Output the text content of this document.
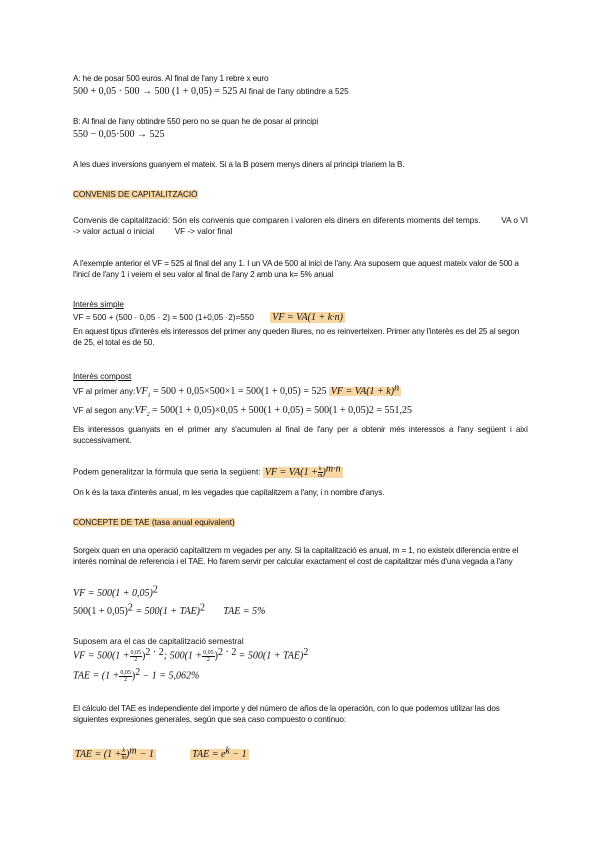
A: he de posar 500 euros. Al final de l'any 1 rebre x euro
500 + 0,05 · 500 → 500 (1 + 0,05) = 525 Al final de l'any obtindre a 525
B: Al final de l'any obtindre 550 pero no se quan he de posar al principi
550 − 0,05·500 → 525
A les dues inversions guanyem el mateix. Si a la B posem menys diners al principi triariem la B.
CONVENIS DE CAPITALITZACIÓ
Convenis de capitalització: Són els convenis que comparen i valoren els diners en diferents moments del temps.	VA o VI -> valor actual o inicial VF -> valor final
A l'exemple anterior el VF = 525 al final del any 1. I un VA de 500 al inici de l'any. Ara suposem que aquest mateix valor de 500 a l'inicí de l'any 1 i veiem el seu valor al final de l'any 2 amb una k= 5% anual
Interès simple
VF = 500 + (500 · 0,05 · 2) = 500 (1+0,05 ·2)=550 VF = VA(1 + k·n)
En aquest tipus d'interès els interessos del primer any queden lliures, no es reinverteixen. Primer any l'interès es del 25 al segon de 25, el total es de 50.
Interès compost
VF al primer $any:VF_1 = 500 + 0,05\times 500\times 1 = 500(1 + 0,05) = 525$ VF = $VA(1 + k)^n$
VF al segon $any:VF_2 = 500(1 + 0,05)\times 0,05 + 500(1 + 0,05) = 500(1 + 0,05)2 = 551,25$
Els interessos guanyats en el primer any s'acumulen al final de l'any per a obtenir més interessos a l'any següent i així successivament.
Podem generalitzar la fórmula que seria la següent: VF = $VA(1 + \frac{k}{m} )^{m\cdot n}$
On k és la taxa d'interès anual, m les vegades que capitalitzem a l'any, i n nombre d'anys.
CONCEPTE DE TAE (tasa anual equivalent)
Sorgeix quan en una operació capitalitzem m vegades per any. Si la capitalització es anual, m = 1, no existeix diferencia entre el interés nominal de referencia i el TAE. Ho farem servir per calcular exactament el cost de capitalitzar més d'una vegada a l'any
VF = $500(1 + 0,05)^2$
$500(1 + 0,05)^2 = 500(1 + TAE)^2$ TAE = 5%
Suposem ara el cas de capitalització semestral
VF = $500(1 + \frac{0,05}{2} )^{2 \cdot 2}$; $500(1 + \frac{0,05}{2} )^{2 \cdot 2} = 500(1 + TAE)^2$
TAE = $(1 + \frac{0,05}{2} )^2 - 1 = 5,062\%$
El cálculo del TAE es independiente del importe y del número de años de la operación, con lo que podemos utilizar las dos siguientes expresiones generales, según que sea caso compuesto o continuo:
TAE = $(1 + \frac{k}{m} )^m - 1$	TAE = $e^k - 1$
